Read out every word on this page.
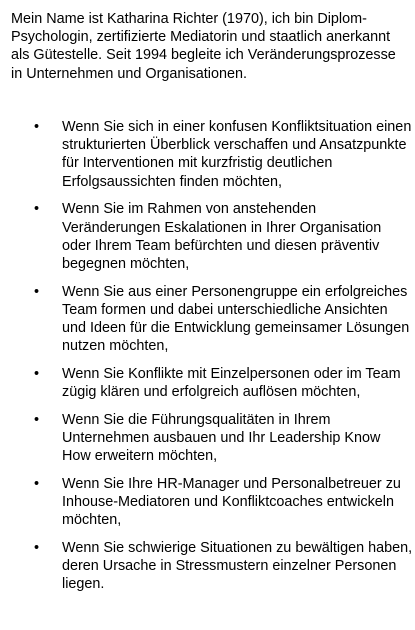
Mein Name ist Katharina Richter (1970), ich bin Diplom-Psychologin, zertifizierte Mediatorin und staatlich anerkannt als Gütestelle. Seit 1994 begleite ich Veränderungsprozesse in Unternehmen und Organisationen.

• Wenn Sie sich in einer konfusen Konfliktsituation einen strukturierten Überblick verschaffen und Ansatzpunkte für Interventionen mit kurzfristig deutlichen Erfolgsaussichten finden möchten,
• Wenn Sie im Rahmen von anstehenden Veränderungen Eskalationen in Ihrer Organisation oder Ihrem Team befürchten und diesen präventiv begegnen möchten,
• Wenn Sie aus einer Personengruppe ein erfolgreiches Team formen und dabei unterschiedliche Ansichten und Ideen für die Entwicklung gemeinsamer Lösungen nutzen möchten,
• Wenn Sie Konflikte mit Einzelpersonen oder im Team zügig klären und erfolgreich auflösen möchten,
• Wenn Sie die Führungsqualitäten in Ihrem Unternehmen ausbauen und Ihr Leadership Know How erweitern möchten,
• Wenn Sie Ihre HR-Manager und Personalbetreuer zu Inhouse-Mediatoren und Konfliktcoaches entwickeln möchten,
• Wenn Sie schwierige Situationen zu bewältigen haben, deren Ursache in Stressmustern einzelner Personen liegen.
